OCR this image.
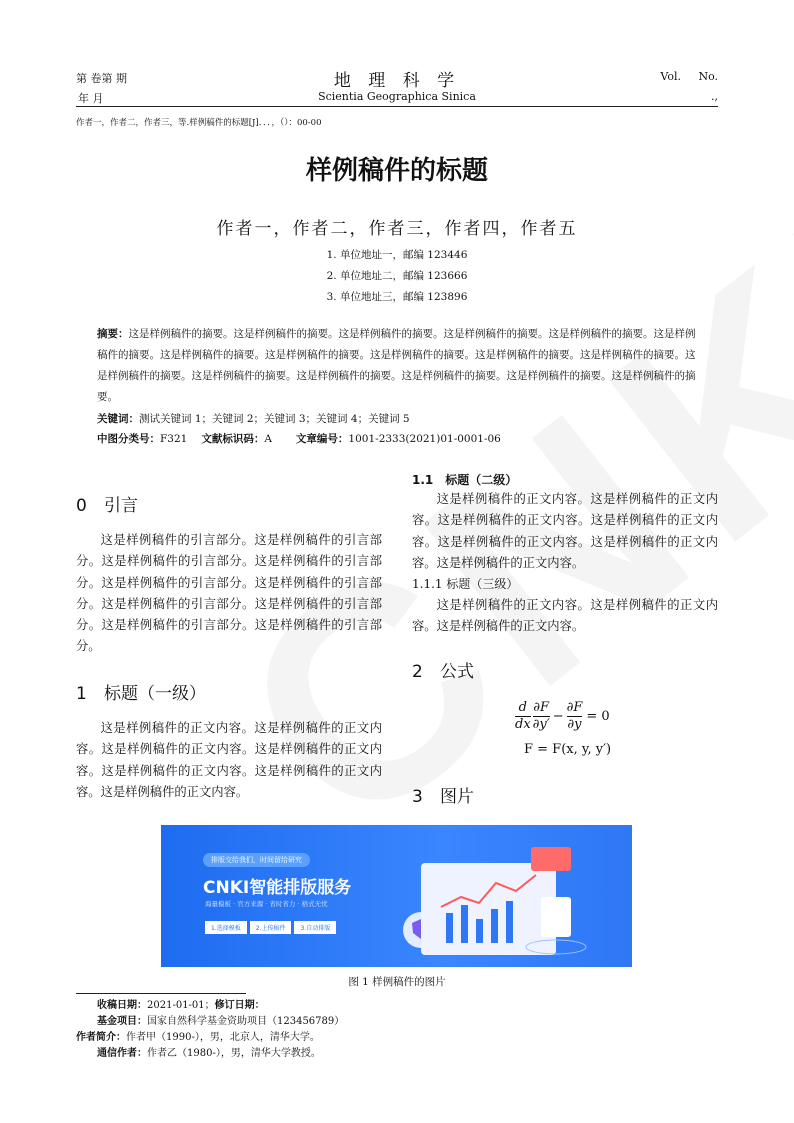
第 卷第 期
年 月
地 理 科 学
Scientia Geographica Sinica
Vol.     No.
.,
作者一，作者二，作者三，等.样例稿件的标题[J]．．．，（）：00-00
样例稿件的标题
作者一，作者二，作者三，作者四，作者五
1. 单位地址一，邮编 123446
2. 单位地址二，邮编 123666
3. 单位地址三，邮编 123896
摘要：这是样例稿件的摘要。这是样例稿件的摘要。这是样例稿件的摘要。这是样例稿件的摘要。这是样例稿件的摘要。这是样例稿件的摘要。这是样例稿件的摘要。这是样例稿件的摘要。这是样例稿件的摘要。这是样例稿件的摘要。这是样例稿件的摘要。这是样例稿件的摘要。这是样例稿件的摘要。这是样例稿件的摘要。这是样例稿件的摘要。这是样例稿件的摘要。这是样例稿件的摘要。
关键词：测试关键词 1；关键词 2；关键词 3；关键词 4；关键词 5
中图分类号：F321 文献标识码：A 文章编号：1001-2333(2021)01-0001-06
0 引言
这是样例稿件的引言部分。这是样例稿件的引言部分。这是样例稿件的引言部分。这是样例稿件的引言部分。这是样例稿件的引言部分。这是样例稿件的引言部分。这是样例稿件的引言部分。这是样例稿件的引言部分。这是样例稿件的引言部分。这是样例稿件的引言部分。
1 标题（一级）
这是样例稿件的正文内容。这是样例稿件的正文内容。这是样例稿件的正文内容。这是样例稿件的正文内容。这是样例稿件的正文内容。这是样例稿件的正文内容。这是样例稿件的正文内容。
1.1 标题（二级）
这是样例稿件的正文内容。这是样例稿件的正文内容。这是样例稿件的正文内容。这是样例稿件的正文内容。这是样例稿件的正文内容。这是样例稿件的正文内容。这是样例稿件的正文内容。
1.1.1 标题（三级）
这是样例稿件的正文内容。这是样例稿件的正文内容。这是样例稿件的正文内容。
2 公式
$\frac{d}{dx} \frac{\partial F}{\partial y'} - \frac{\partial F}{\partial y} = 0$
F = F(x, y, y′)
3 图片
排版交给我们，时间留给研究
CNKI智能排版服务
海量模板 · 官方来源 · 省时省力 · 格式无忧
1.选择模板	2.上传稿件	3.自动排版
图 1 样例稿件的图片
收稿日期：2021-01-01；修订日期：
基金项目：国家自然科学基金资助项目（123456789）
作者简介：作者甲（1990-），男，北京人，清华大学。
通信作者：作者乙（1980-），男，清华大学教授。
